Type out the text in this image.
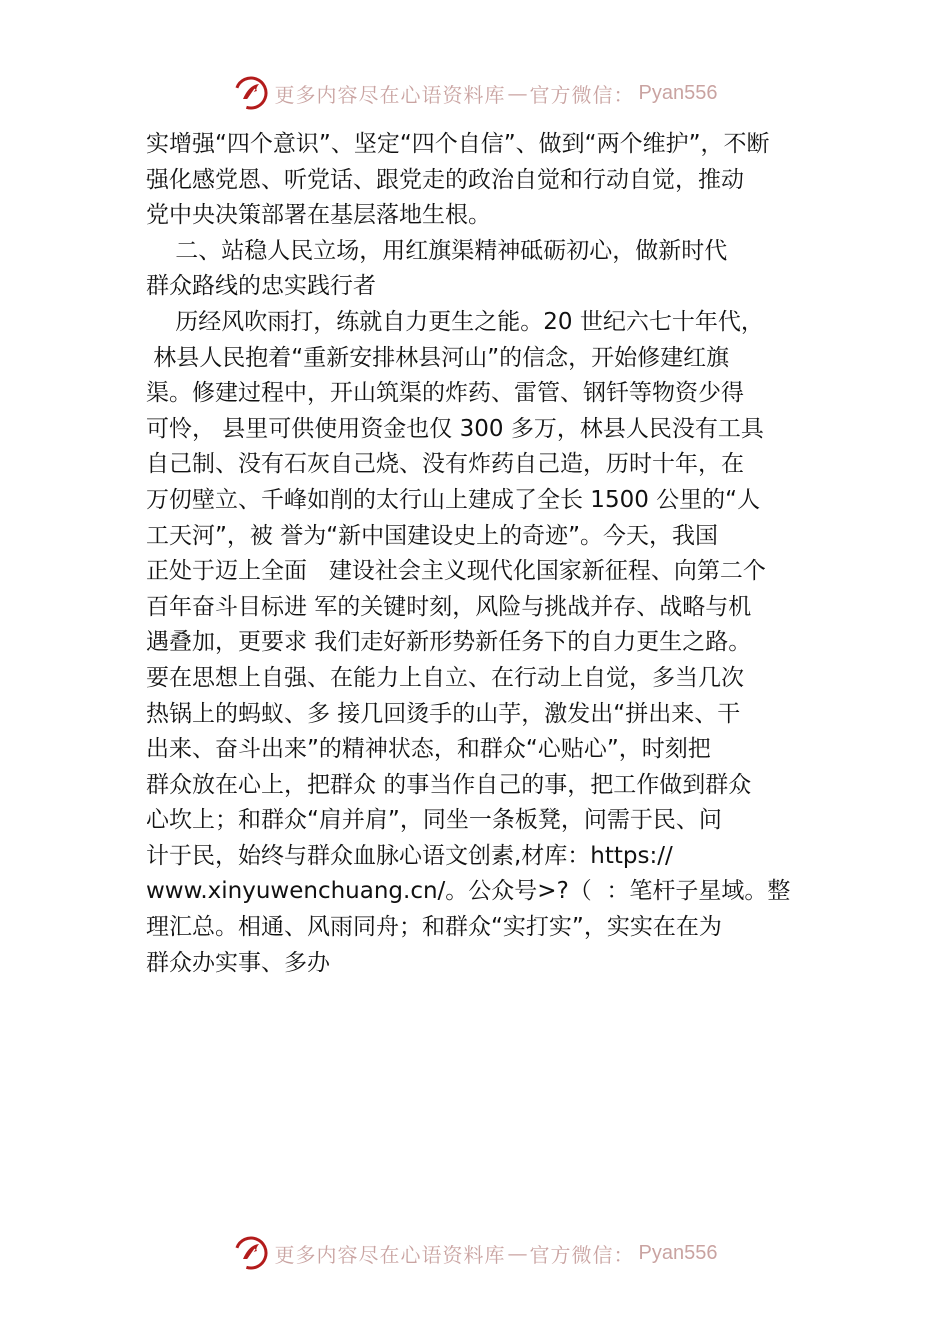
更多内容尽在心语资料库 — 官方微信： Pyan556
实增强“四个意识”、坚定“四个自信”、做到“两个维护”，不断
强化感党恩、听党话、跟党走的政治自觉和行动自觉，推动
党中央决策部署在基层落地生根。
二、站稳人民立场，用红旗渠精神砥砺初心，做新时代
群众路线的忠实践行者
历经风吹雨打，练就自力更生之能。20 世纪六七十年代，
林县人民抱着“重新安排林县河山”的信念，开始修建红旗
渠。修建过程中，开山筑渠的炸药、雷管、钢钎等物资少得
可怜， 县里可供使用资金也仅 300 多万，林县人民没有工具
自己制、没有石灰自己烧、没有炸药自己造，历时十年，在
万仞壁立、千峰如削的太行山上建成了全长 1500 公里的“人
工天河”，被 誉为“新中国建设史上的奇迹”。今天，我国
正处于迈上全面   建设社会主义现代化国家新征程、向第二个
百年奋斗目标进 军的关键时刻，风险与挑战并存、战略与机
遇叠加，更要求 我们走好新形势新任务下的自力更生之路。
要在思想上自强、在能力上自立、在行动上自觉，多当几次
热锅上的蚂蚁、多 接几回烫手的山芋，激发出“拼出来、干
出来、奋斗出来”的精神状态，和群众“心贴心”，时刻把
群众放在心上，把群众 的事当作自己的事，把工作做到群众
心坎上；和群众“肩并肩”，同坐一条板凳，问需于民、问
计于民，始终与群众血脉心语文创素,材库：https://
www.xinyuwenchuang.cn/。公众号>?（  ：笔杆子星域。整
理汇总。相通、风雨同舟；和群众“实打实”，实实在在为
群众办实事、多办
更多内容尽在心语资料库 — 官方微信： Pyan556
